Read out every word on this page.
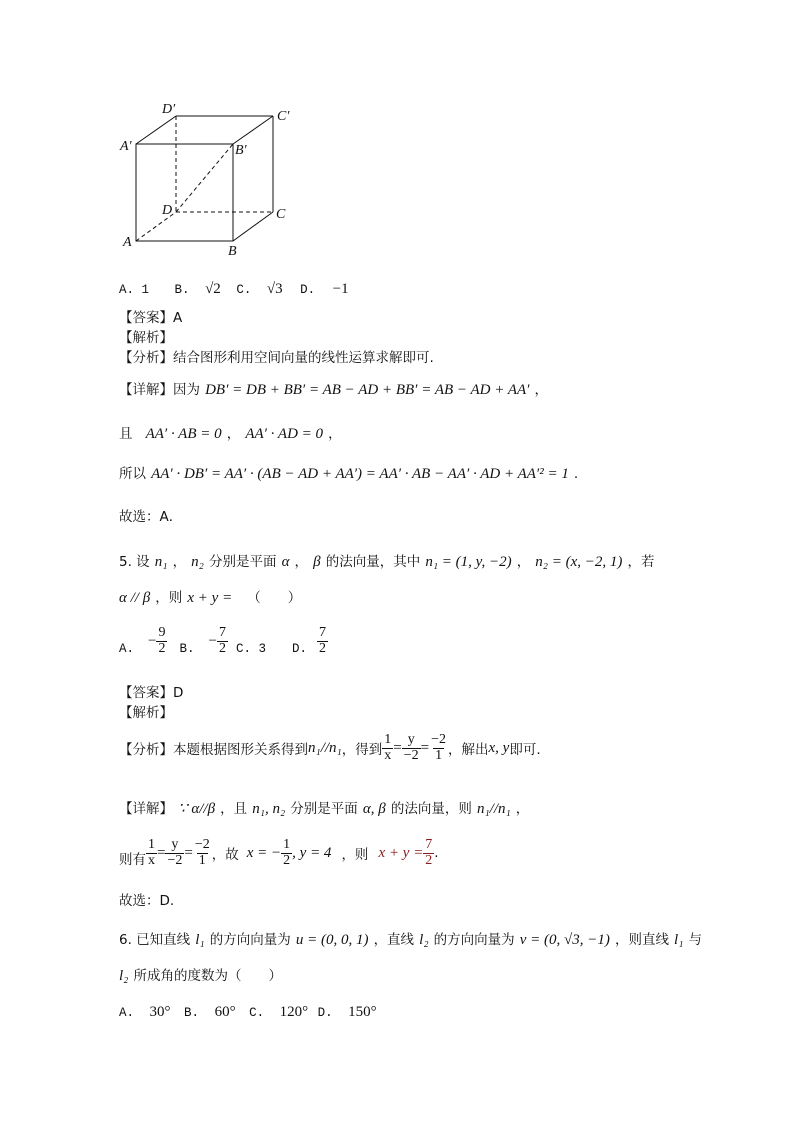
D′	C′
A′	B′
D	C
A
B
A. 1 B. √2 C. √3 D. −1
【答案】A
【解析】
【分析】结合图形利用空间向量的线性运算求解即可.
【详解】因为 DB′ = DB + BB′ = AB − AD + BB′ = AB − AD + AA′ ，
且 AA′ · AB = 0 ， AA′ · AD = 0 ，
所以 AA′ · DB′ = AA′ · (AB − AD + AA′) = AA′ · AB − AA′ · AD + AA′² = 1 .
故选：A．
5. 设 n₁ ， n₂ 分别是平面 α ， β 的法向量，其中 n₁ = (1, y, −2) ， n₂ = (x, −2, 1) ，若
α // β ，则 x + y = （　　）
A.
− $\frac{9}{2} B$.
− $\frac{7}{2} C$. 3 D. $\frac{7}{2}$
【答案】D
【解析】
【分析】本题根据图形关系得到 n₁//n₁ ，得到 $\frac{1}{x} = \frac{y}{-2} = \frac{-2}{1}$ ，解出 x, y 即可.
【详解】 ∵ α//β ，且 n₁, n₂ 分别是平面 α, β 的法向量，则 n₁//n₁ ，
则有 $\frac{1}{x} = \frac{y}{-2} = \frac{-2}{1}$ ，故 x = − $\frac{1}{2}$ , y = 4 ，则 $x + y = \frac{7}{2}$ .
故选：D.
6. 已知直线 l₁ 的方向向量为 u = (0, 0, 1) ，直线 l₂ 的方向向量为 v = (0, √3, −1) ，则直线 l₁ 与
l₂ 所成角的度数为（　　）
A. 30° B. 60° C. 120° D. 150°
